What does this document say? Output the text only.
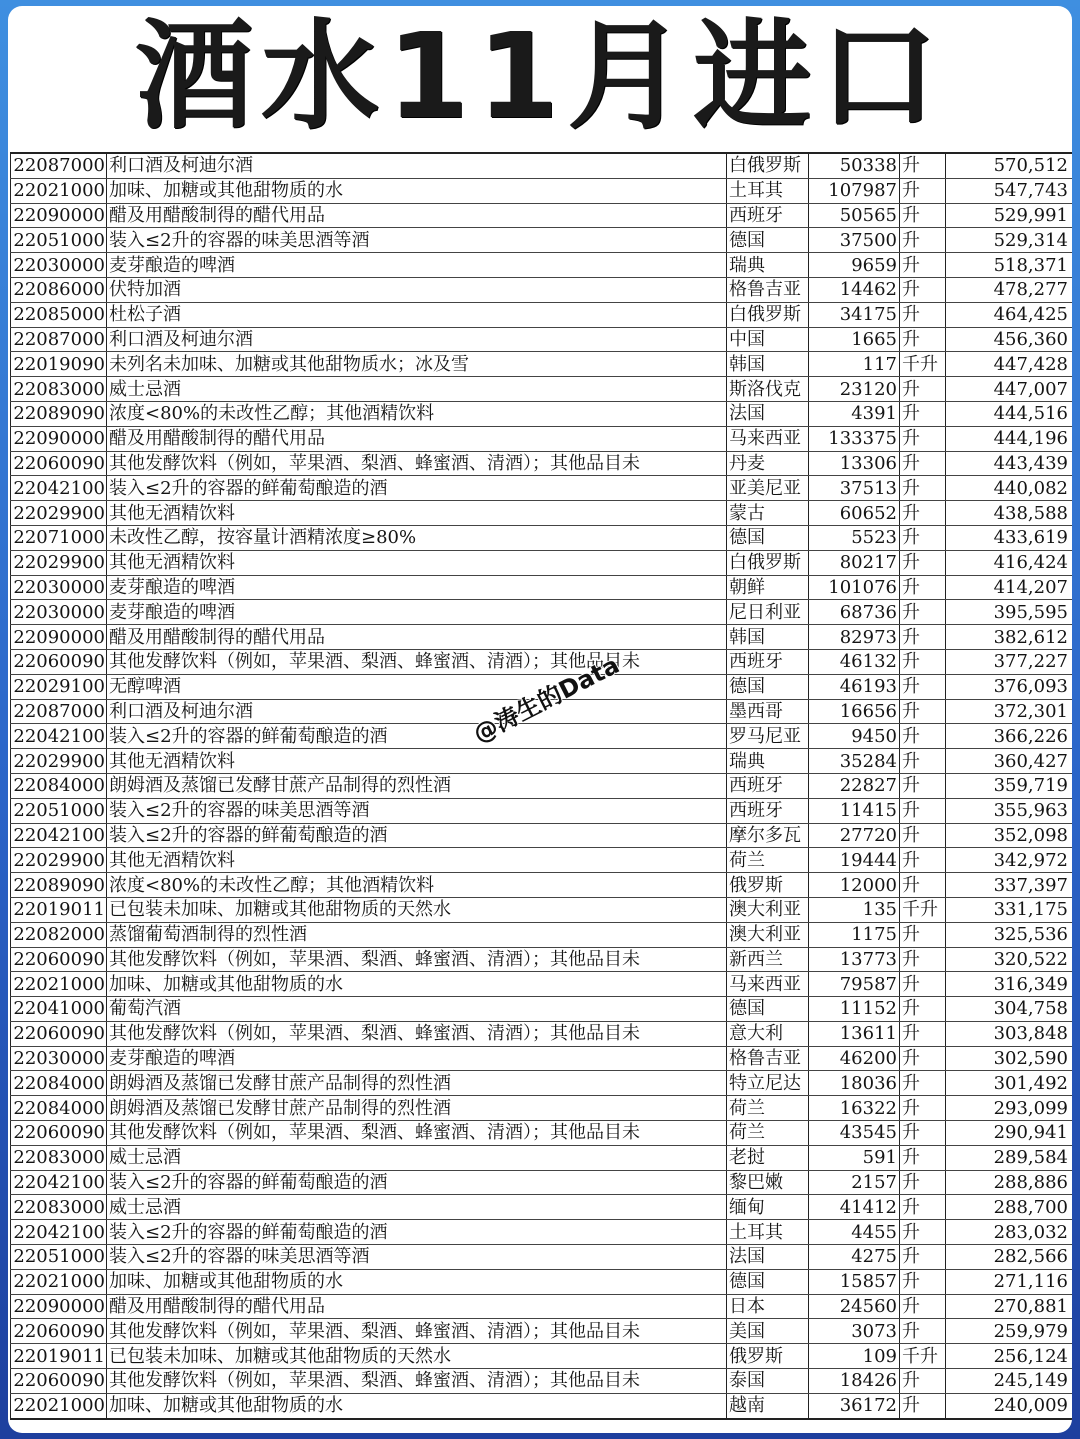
酒水11月进口
22087000	利口酒及柯迪尔酒	白俄罗斯	50338	升	570,512
22021000	加味、加糖或其他甜物质的水	土耳其	107987	升	547,743
22090000	醋及用醋酸制得的醋代用品	西班牙	50565	升	529,991
22051000	装入≤2升的容器的味美思酒等酒	德国	37500	升	529,314
22030000	麦芽酿造的啤酒	瑞典	9659	升	518,371
22086000	伏特加酒	格鲁吉亚	14462	升	478,277
22085000	杜松子酒	白俄罗斯	34175	升	464,425
22087000	利口酒及柯迪尔酒	中国	1665	升	456,360
22019090	未列名未加味、加糖或其他甜物质水；冰及雪	韩国	117	千升	447,428
22083000	威士忌酒	斯洛伐克	23120	升	447,007
22089090	浓度<80%的未改性乙醇；其他酒精饮料	法国	4391	升	444,516
22090000	醋及用醋酸制得的醋代用品	马来西亚	133375	升	444,196
22060090	其他发酵饮料（例如，苹果酒、梨酒、蜂蜜酒、清酒）；其他品目未	丹麦	13306	升	443,439
22042100	装入≤2升的容器的鲜葡萄酿造的酒	亚美尼亚	37513	升	440,082
22029900	其他无酒精饮料	蒙古	60652	升	438,588
22071000	未改性乙醇，按容量计酒精浓度≥80%	德国	5523	升	433,619
22029900	其他无酒精饮料	白俄罗斯	80217	升	416,424
22030000	麦芽酿造的啤酒	朝鲜	101076	升	414,207
22030000	麦芽酿造的啤酒	尼日利亚	68736	升	395,595
22090000	醋及用醋酸制得的醋代用品	韩国	82973	升	382,612
22060090	其他发酵饮料（例如，苹果酒、梨酒、蜂蜜酒、清酒）；其他品目未	西班牙	46132	升	377,227
22029100	无醇啤酒	德国	46193	升	376,093
22087000	利口酒及柯迪尔酒	墨西哥	16656	升	372,301
22042100	装入≤2升的容器的鲜葡萄酿造的酒	罗马尼亚	9450	升	366,226
22029900	其他无酒精饮料	瑞典	35284	升	360,427
22084000	朗姆酒及蒸馏已发酵甘蔗产品制得的烈性酒	西班牙	22827	升	359,719
22051000	装入≤2升的容器的味美思酒等酒	西班牙	11415	升	355,963
22042100	装入≤2升的容器的鲜葡萄酿造的酒	摩尔多瓦	27720	升	352,098
22029900	其他无酒精饮料	荷兰	19444	升	342,972
22089090	浓度<80%的未改性乙醇；其他酒精饮料	俄罗斯	12000	升	337,397
22019011	已包装未加味、加糖或其他甜物质的天然水	澳大利亚	135	千升	331,175
22082000	蒸馏葡萄酒制得的烈性酒	澳大利亚	1175	升	325,536
22060090	其他发酵饮料（例如，苹果酒、梨酒、蜂蜜酒、清酒）；其他品目未	新西兰	13773	升	320,522
22021000	加味、加糖或其他甜物质的水	马来西亚	79587	升	316,349
22041000	葡萄汽酒	德国	11152	升	304,758
22060090	其他发酵饮料（例如，苹果酒、梨酒、蜂蜜酒、清酒）；其他品目未	意大利	13611	升	303,848
22030000	麦芽酿造的啤酒	格鲁吉亚	46200	升	302,590
22084000	朗姆酒及蒸馏已发酵甘蔗产品制得的烈性酒	特立尼达	18036	升	301,492
22084000	朗姆酒及蒸馏已发酵甘蔗产品制得的烈性酒	荷兰	16322	升	293,099
22060090	其他发酵饮料（例如，苹果酒、梨酒、蜂蜜酒、清酒）；其他品目未	荷兰	43545	升	290,941
22083000	威士忌酒	老挝	591	升	289,584
22042100	装入≤2升的容器的鲜葡萄酿造的酒	黎巴嫩	2157	升	288,886
22083000	威士忌酒	缅甸	41412	升	288,700
22042100	装入≤2升的容器的鲜葡萄酿造的酒	土耳其	4455	升	283,032
22051000	装入≤2升的容器的味美思酒等酒	法国	4275	升	282,566
22021000	加味、加糖或其他甜物质的水	德国	15857	升	271,116
22090000	醋及用醋酸制得的醋代用品	日本	24560	升	270,881
22060090	其他发酵饮料（例如，苹果酒、梨酒、蜂蜜酒、清酒）；其他品目未	美国	3073	升	259,979
22019011	已包装未加味、加糖或其他甜物质的天然水	俄罗斯	109	千升	256,124
22060090	其他发酵饮料（例如，苹果酒、梨酒、蜂蜜酒、清酒）；其他品目未	泰国	18426	升	245,149
22021000	加味、加糖或其他甜物质的水	越南	36172	升	240,009
@涛生的Data
